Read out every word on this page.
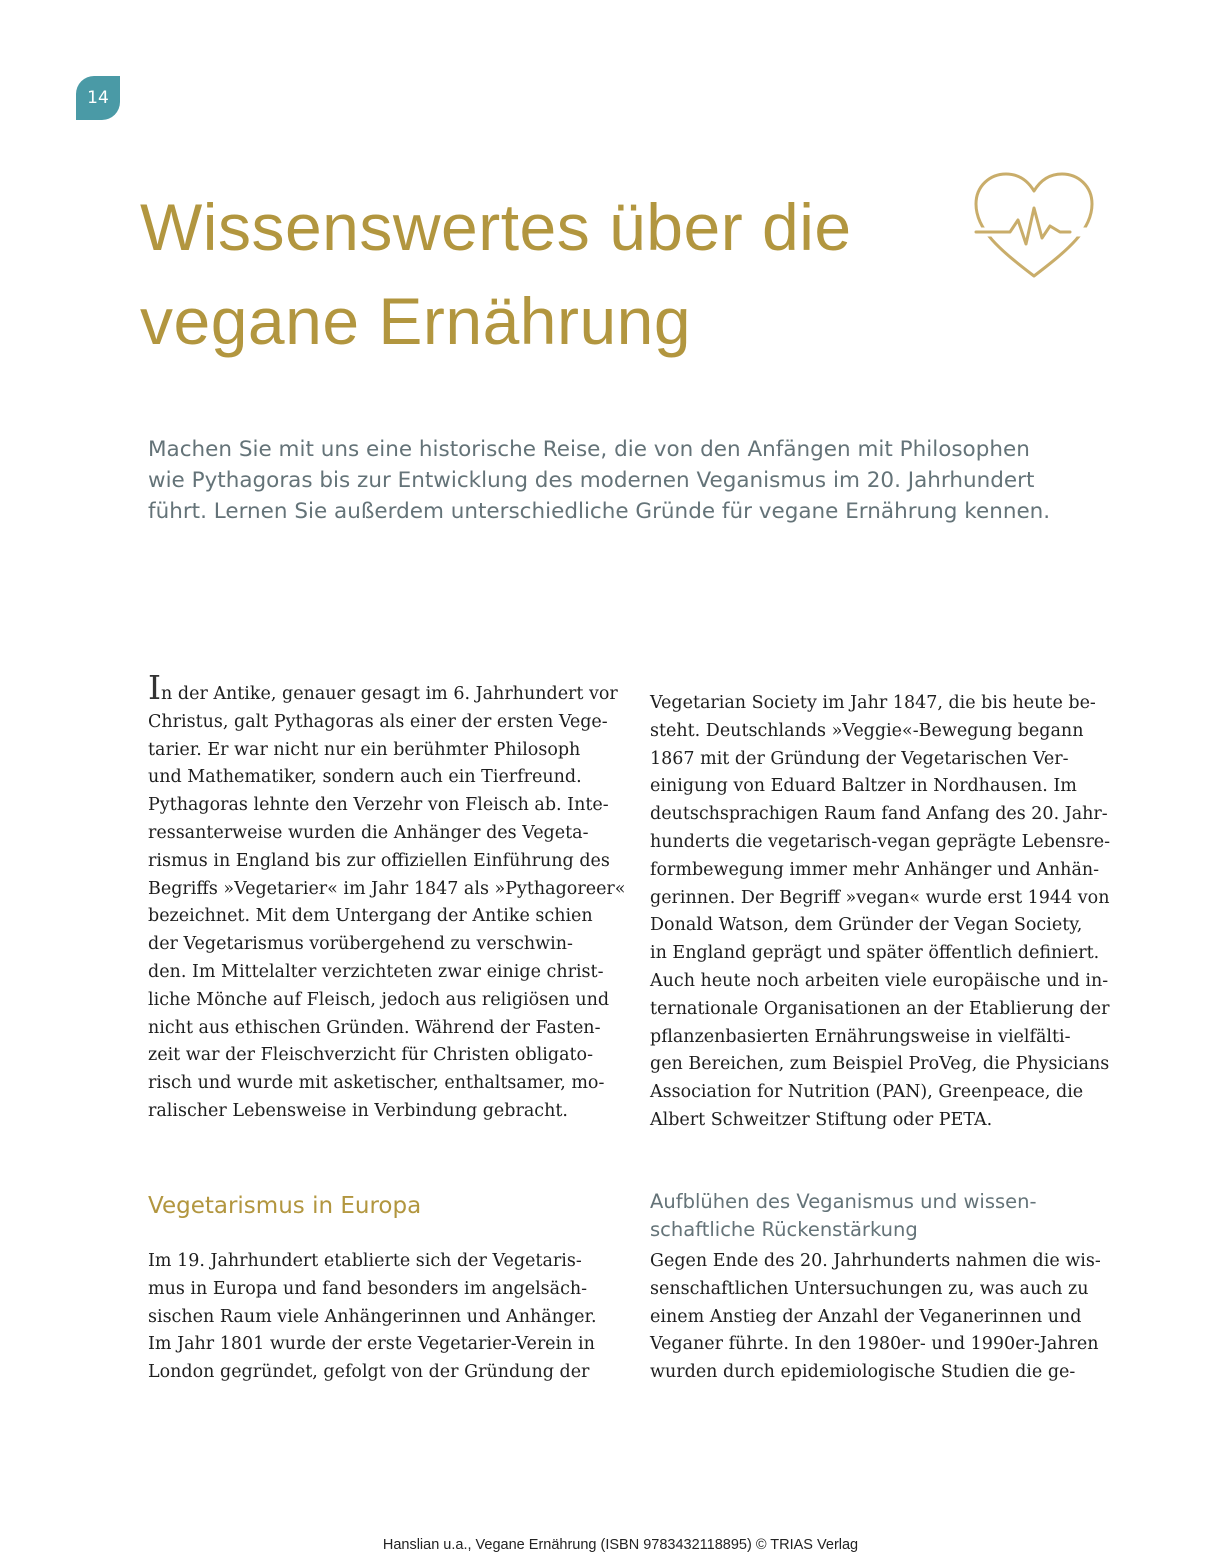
14
Wissenswertes über die
vegane Ernährung

Machen Sie mit uns eine historische Reise, die von den Anfängen mit Philosophen
wie Pythagoras bis zur Entwicklung des modernen Veganismus im 20. Jahrhundert
führt. Lernen Sie außerdem unterschiedliche Gründe für vegane Ernährung kennen.

In der Antike, genauer gesagt im 6. Jahrhundert vor
Christus, galt Pythagoras als einer der ersten Vege-
tarier. Er war nicht nur ein berühmter Philosoph
und Mathematiker, sondern auch ein Tierfreund.
Pythagoras lehnte den Verzehr von Fleisch ab. Inte-
ressanterweise wurden die Anhänger des Vegeta-
rismus in England bis zur offiziellen Einführung des
Begriffs »Vegetarier« im Jahr 1847 als »Pythagoreer«
bezeichnet. Mit dem Untergang der Antike schien
der Vegetarismus vorübergehend zu verschwin-
den. Im Mittelalter verzichteten zwar einige christ-
liche Mönche auf Fleisch, jedoch aus religiösen und
nicht aus ethischen Gründen. Während der Fasten-
zeit war der Fleischverzicht für Christen obligato-
risch und wurde mit asketischer, enthaltsamer, mo-
ralischer Lebensweise in Verbindung gebracht.
Vegetarian Society im Jahr 1847, die bis heute be-
steht. Deutschlands »Veggie«-Bewegung begann
1867 mit der Gründung der Vegetarischen Ver-
einigung von Eduard Baltzer in Nordhausen. Im
deutschsprachigen Raum fand Anfang des 20. Jahr-
hunderts die vegetarisch-vegan geprägte Lebensre-
formbewegung immer mehr Anhänger und Anhän-
gerinnen. Der Begriff »vegan« wurde erst 1944 von
Donald Watson, dem Gründer der Vegan Society,
in England geprägt und später öffentlich definiert.
Auch heute noch arbeiten viele europäische und in-
ternationale Organisationen an der Etablierung der
pflanzenbasierten Ernährungsweise in vielfälti-
gen Bereichen, zum Beispiel ProVeg, die Physicians
Association for Nutrition (PAN), Greenpeace, die
Albert Schweitzer Stiftung oder PETA.
Vegetarismus in Europa	Aufblühen des Veganismus und wissen-
schaftliche Rückenstärkung
Im 19. Jahrhundert etablierte sich der Vegetaris-
mus in Europa und fand besonders im angelsäch-
sischen Raum viele Anhängerinnen und Anhänger.
Im Jahr 1801 wurde der erste Vegetarier-Verein in
London gegründet, gefolgt von der Gründung der
Gegen Ende des 20. Jahrhunderts nahmen die wis-
senschaftlichen Untersuchungen zu, was auch zu
einem Anstieg der Anzahl der Veganerinnen und
Veganer führte. In den 1980er- und 1990er-Jahren
wurden durch epidemiologische Studien die ge-
Hanslian u.a., Vegane Ernährung (ISBN 9783432118895) © TRIAS Verlag
